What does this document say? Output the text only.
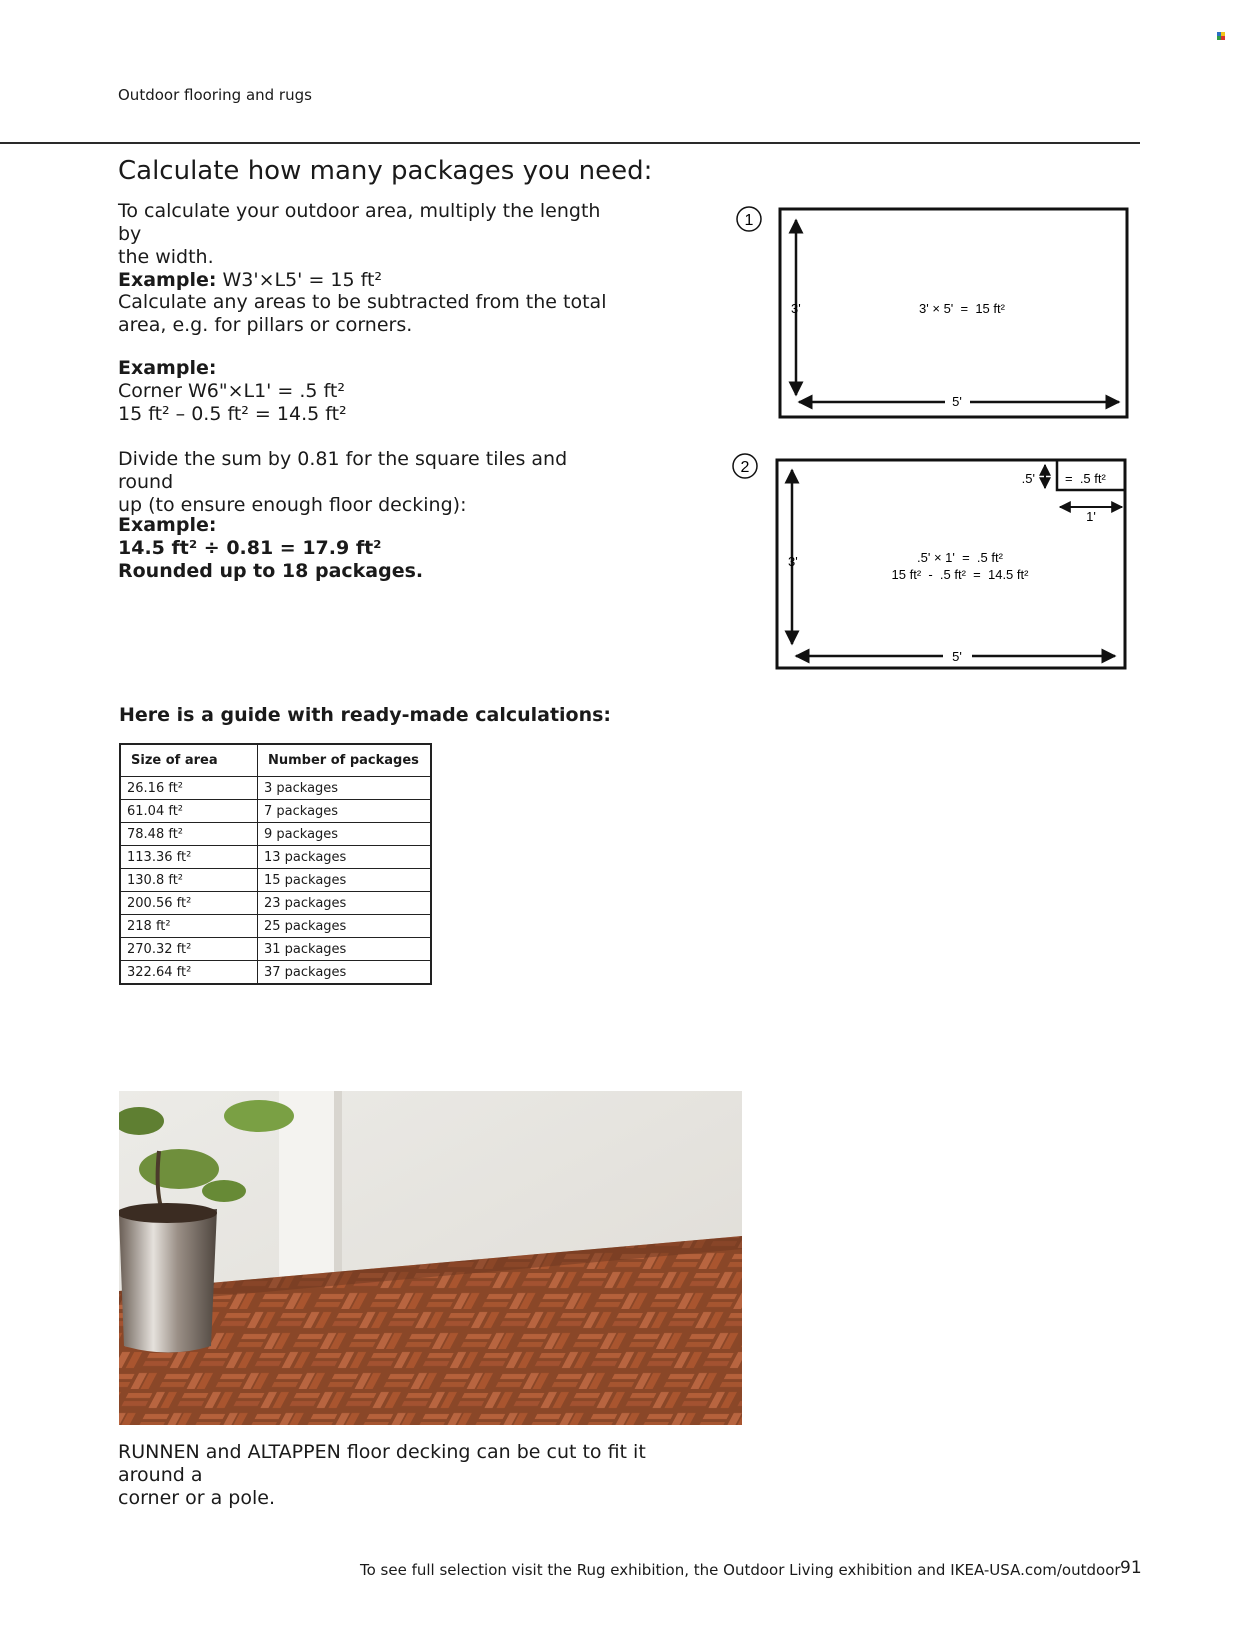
Outdoor flooring and rugs
Calculate how many packages you need:
To calculate your outdoor area, multiply the length by
the width.
Example: W3'×L5' = 15 ft²
Calculate any areas to be subtracted from the total
area, e.g. for pillars or corners.
Example:
Corner W6"×L1' = .5 ft²
15 ft² – 0.5 ft² = 14.5 ft²
Divide the sum by 0.81 for the square tiles and round
up (to ensure enough floor decking):
Example:
14.5 ft² ÷ 0.81 = 17.9 ft²
Rounded up to 18 packages.
1
3'
5'
3' × 5'  =  15 ft²
2
.5' =  .5 ft²
1'
3'
5'
.5' × 1'  =  .5 ft²
15 ft²  -  .5 ft²  =  14.5 ft²
Here is a guide with ready-made calculations:
Size of area	Number of packages
26.16 ft²	3 packages
61.04 ft²	7 packages
78.48 ft²	9 packages
113.36 ft²	13 packages
130.8 ft²	15 packages
200.56 ft²	23 packages
218 ft²	25 packages
270.32 ft²	31 packages
322.64 ft²	37 packages
RUNNEN and ALTAPPEN floor decking can be cut to fit it around a
corner or a pole.
To see full selection visit the Rug exhibition, the Outdoor Living exhibition and IKEA-USA.com/outdoor 91
